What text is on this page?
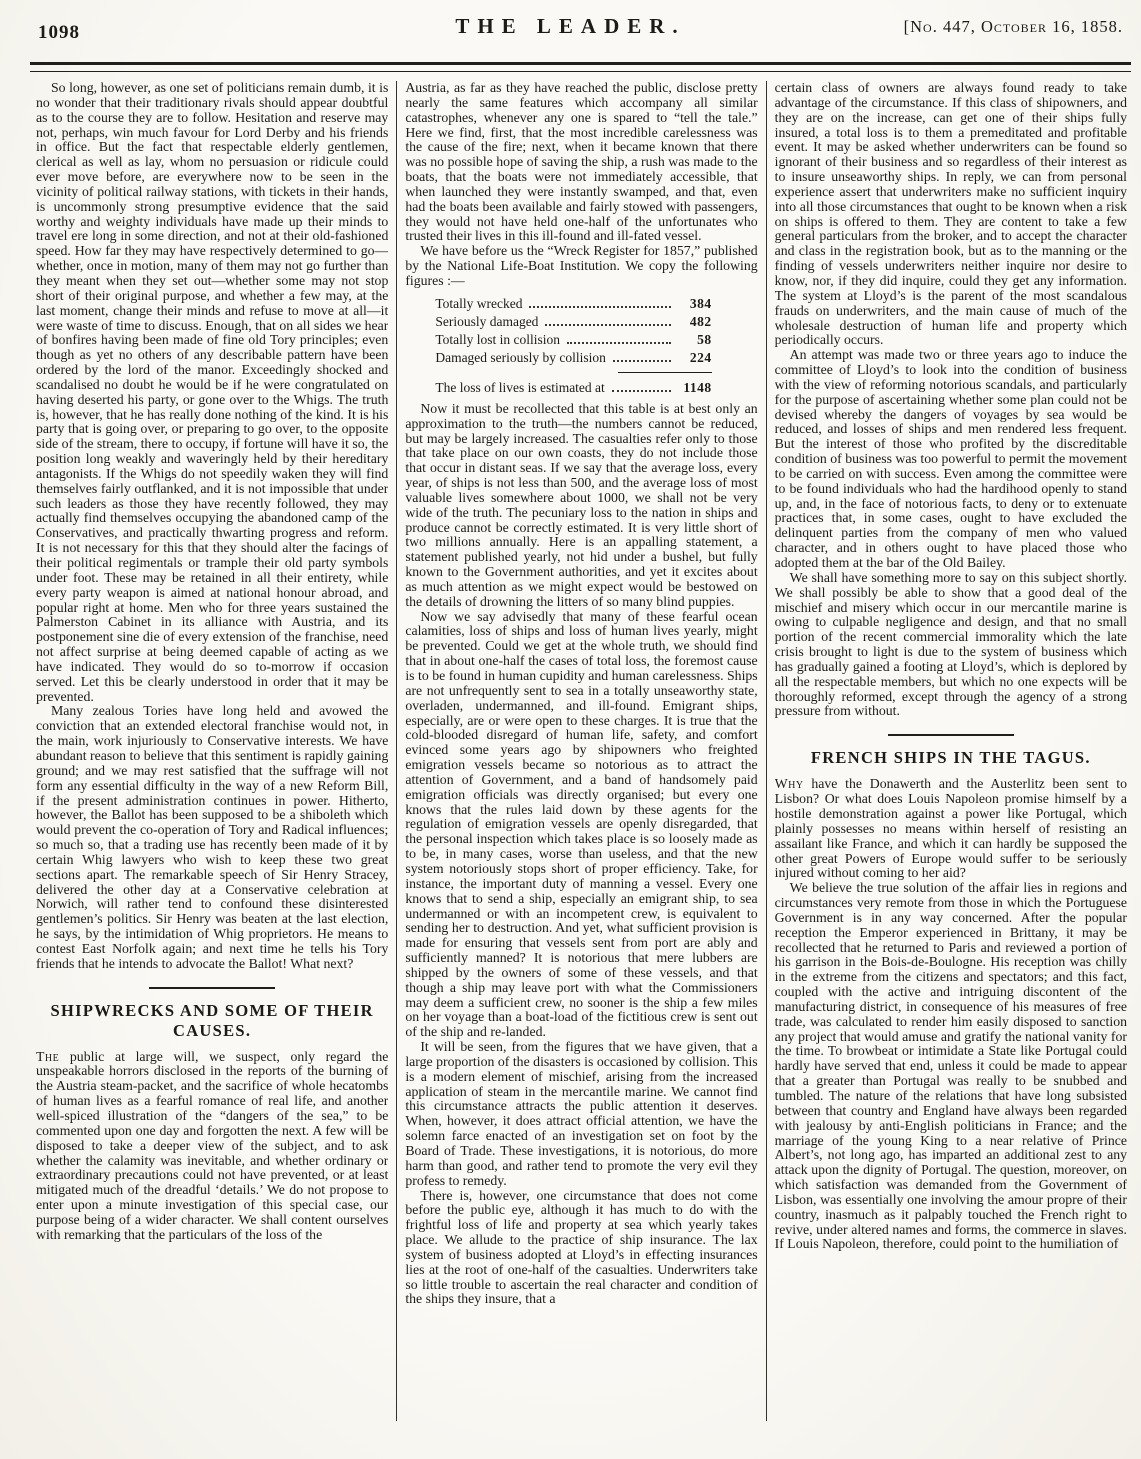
1098	THE LEADER.	[No. 447, October 16, 1858.

So long, however, as one set of politicians remain dumb, it is no wonder that their traditionary rivals should appear doubtful as to the course they are to follow. Hesitation and reserve may not, perhaps, win much favour for Lord Derby and his friends in office. But the fact that respectable elderly gentlemen, clerical as well as lay, whom no persuasion or ridicule could ever move before, are everywhere now to be seen in the vicinity of political railway stations, with tickets in their hands, is uncommonly strong presumptive evidence that the said worthy and weighty individuals have made up their minds to travel ere long in some direction, and not at their old-fashioned speed. How far they may have respectively determined to go—whether, once in motion, many of them may not go further than they meant when they set out—whether some may not stop short of their original purpose, and whether a few may, at the last moment, change their minds and refuse to move at all—it were waste of time to discuss. Enough, that on all sides we hear of bonfires having been made of fine old Tory principles; even though as yet no others of any describable pattern have been ordered by the lord of the manor. Exceedingly shocked and scandalised no doubt he would be if he were congratulated on having deserted his party, or gone over to the Whigs. The truth is, however, that he has really done nothing of the kind. It is his party that is going over, or preparing to go over, to the opposite side of the stream, there to occupy, if fortune will have it so, the position long weakly and waveringly held by their hereditary antagonists. If the Whigs do not speedily waken they will find themselves fairly outflanked, and it is not impossible that under such leaders as those they have recently followed, they may actually find themselves occupying the abandoned camp of the Conservatives, and practically thwarting progress and reform. It is not necessary for this that they should alter the facings of their political regimentals or trample their old party symbols under foot. These may be retained in all their entirety, while every party weapon is aimed at national honour abroad, and popular right at home. Men who for three years sustained the Palmerston Cabinet in its alliance with Austria, and its postponement sine die of every extension of the franchise, need not affect surprise at being deemed capable of acting as we have indicated. They would do so to-morrow if occasion served. Let this be clearly understood in order that it may be prevented.

Many zealous Tories have long held and avowed the conviction that an extended electoral franchise would not, in the main, work injuriously to Conservative interests. We have abundant reason to believe that this sentiment is rapidly gaining ground; and we may rest satisfied that the suffrage will not form any essential difficulty in the way of a new Reform Bill, if the present administration continues in power. Hitherto, however, the Ballot has been supposed to be a shiboleth which would prevent the co-operation of Tory and Radical influences; so much so, that a trading use has recently been made of it by certain Whig lawyers who wish to keep these two great sections apart. The remarkable speech of Sir Henry Stracey, delivered the other day at a Conservative celebration at Norwich, will rather tend to confound these disinterested gentlemen’s politics. Sir Henry was beaten at the last election, he says, by the intimidation of Whig proprietors. He means to contest East Norfolk again; and next time he tells his Tory friends that he intends to advocate the Ballot! What next?

SHIPWRECKS AND SOME OF THEIR CAUSES.

The public at large will, we suspect, only regard the unspeakable horrors disclosed in the reports of the burning of the Austria steam-packet, and the sacrifice of whole hecatombs of human lives as a fearful romance of real life, and another well-spiced illustration of the “dangers of the sea,” to be commented upon one day and forgotten the next. A few will be disposed to take a deeper view of the subject, and to ask whether the calamity was inevitable, and whether ordinary or extraordinary precautions could not have prevented, or at least mitigated much of the dreadful ‘details.’ We do not propose to enter upon a minute investigation of this special case, our purpose being of a wider character. We shall content ourselves with remarking that the particulars of the loss of the

Austria, as far as they have reached the public, disclose pretty nearly the same features which accompany all similar catastrophes, whenever any one is spared to “tell the tale.” Here we find, first, that the most incredible carelessness was the cause of the fire; next, when it became known that there was no possible hope of saving the ship, a rush was made to the boats, that the boats were not immediately accessible, that when launched they were instantly swamped, and that, even had the boats been available and fairly stowed with passengers, they would not have held one-half of the unfortunates who trusted their lives in this ill-found and ill-fated vessel.

We have before us the “Wreck Register for 1857,” published by the National Life-Boat Institution. We copy the following figures :—

Totally wrecked	384
Seriously damaged	482
Totally lost in collision	58
Damaged seriously by collision	224
The loss of lives is estimated at	1148

Now it must be recollected that this table is at best only an approximation to the truth—the numbers cannot be reduced, but may be largely increased. The casualties refer only to those that take place on our own coasts, they do not include those that occur in distant seas. If we say that the average loss, every year, of ships is not less than 500, and the average loss of most valuable lives somewhere about 1000, we shall not be very wide of the truth. The pecuniary loss to the nation in ships and produce cannot be correctly estimated. It is very little short of two millions annually. Here is an appalling statement, a statement published yearly, not hid under a bushel, but fully known to the Government authorities, and yet it excites about as much attention as we might expect would be bestowed on the details of drowning the litters of so many blind puppies.

Now we say advisedly that many of these fearful ocean calamities, loss of ships and loss of human lives yearly, might be prevented. Could we get at the whole truth, we should find that in about one-half the cases of total loss, the foremost cause is to be found in human cupidity and human carelessness. Ships are not unfrequently sent to sea in a totally unseaworthy state, overladen, undermanned, and ill-found. Emigrant ships, especially, are or were open to these charges. It is true that the cold-blooded disregard of human life, safety, and comfort evinced some years ago by shipowners who freighted emigration vessels became so notorious as to attract the attention of Government, and a band of handsomely paid emigration officials was directly organised; but every one knows that the rules laid down by these agents for the regulation of emigration vessels are openly disregarded, that the personal inspection which takes place is so loosely made as to be, in many cases, worse than useless, and that the new system notoriously stops short of proper efficiency. Take, for instance, the important duty of manning a vessel. Every one knows that to send a ship, especially an emigrant ship, to sea undermanned or with an incompetent crew, is equivalent to sending her to destruction. And yet, what sufficient provision is made for ensuring that vessels sent from port are ably and sufficiently manned? It is notorious that mere lubbers are shipped by the owners of some of these vessels, and that though a ship may leave port with what the Commissioners may deem a sufficient crew, no sooner is the ship a few miles on her voyage than a boat-load of the fictitious crew is sent out of the ship and re-landed.

It will be seen, from the figures that we have given, that a large proportion of the disasters is occasioned by collision. This is a modern element of mischief, arising from the increased application of steam in the mercantile marine. We cannot find this circumstance attracts the public attention it deserves. When, however, it does attract official attention, we have the solemn farce enacted of an investigation set on foot by the Board of Trade. These investigations, it is notorious, do more harm than good, and rather tend to promote the very evil they profess to remedy.

There is, however, one circumstance that does not come before the public eye, although it has much to do with the frightful loss of life and property at sea which yearly takes place. We allude to the practice of ship insurance. The lax system of business adopted at Lloyd’s in effecting insurances lies at the root of one-half of the casualties. Underwriters take so little trouble to ascertain the real character and condition of the ships they insure, that a

certain class of owners are always found ready to take advantage of the circumstance. If this class of shipowners, and they are on the increase, can get one of their ships fully insured, a total loss is to them a premeditated and profitable event. It may be asked whether underwriters can be found so ignorant of their business and so regardless of their interest as to insure unseaworthy ships. In reply, we can from personal experience assert that underwriters make no sufficient inquiry into all those circumstances that ought to be known when a risk on ships is offered to them. They are content to take a few general particulars from the broker, and to accept the character and class in the registration book, but as to the manning or the finding of vessels underwriters neither inquire nor desire to know, nor, if they did inquire, could they get any information. The system at Lloyd’s is the parent of the most scandalous frauds on underwriters, and the main cause of much of the wholesale destruction of human life and property which periodically occurs.

An attempt was made two or three years ago to induce the committee of Lloyd’s to look into the condition of business with the view of reforming notorious scandals, and particularly for the purpose of ascertaining whether some plan could not be devised whereby the dangers of voyages by sea would be reduced, and losses of ships and men rendered less frequent. But the interest of those who profited by the discreditable condition of business was too powerful to permit the movement to be carried on with success. Even among the committee were to be found individuals who had the hardihood openly to stand up, and, in the face of notorious facts, to deny or to extenuate practices that, in some cases, ought to have excluded the delinquent parties from the company of men who valued character, and in others ought to have placed those who adopted them at the bar of the Old Bailey.

We shall have something more to say on this subject shortly. We shall possibly be able to show that a good deal of the mischief and misery which occur in our mercantile marine is owing to culpable negligence and design, and that no small portion of the recent commercial immorality which the late crisis brought to light is due to the system of business which has gradually gained a footing at Lloyd’s, which is deplored by all the respectable members, but which no one expects will be thoroughly reformed, except through the agency of a strong pressure from without.

FRENCH SHIPS IN THE TAGUS.

Why have the Donawerth and the Austerlitz been sent to Lisbon? Or what does Louis Napoleon promise himself by a hostile demonstration against a power like Portugal, which plainly possesses no means within herself of resisting an assailant like France, and which it can hardly be supposed the other great Powers of Europe would suffer to be seriously injured without coming to her aid?

We believe the true solution of the affair lies in regions and circumstances very remote from those in which the Portuguese Government is in any way concerned. After the popular reception the Emperor experienced in Brittany, it may be recollected that he returned to Paris and reviewed a portion of his garrison in the Bois-de-Boulogne. His reception was chilly in the extreme from the citizens and spectators; and this fact, coupled with the active and intriguing discontent of the manufacturing district, in consequence of his measures of free trade, was calculated to render him easily disposed to sanction any project that would amuse and gratify the national vanity for the time. To browbeat or intimidate a State like Portugal could hardly have served that end, unless it could be made to appear that a greater than Portugal was really to be snubbed and tumbled. The nature of the relations that have long subsisted between that country and England have always been regarded with jealousy by anti-English politicians in France; and the marriage of the young King to a near relative of Prince Albert’s, not long ago, has imparted an additional zest to any attack upon the dignity of Portugal. The question, moreover, on which satisfaction was demanded from the Government of Lisbon, was essentially one involving the amour propre of their country, inasmuch as it palpably touched the French right to revive, under altered names and forms, the commerce in slaves. If Louis Napoleon, therefore, could point to the humiliation of
